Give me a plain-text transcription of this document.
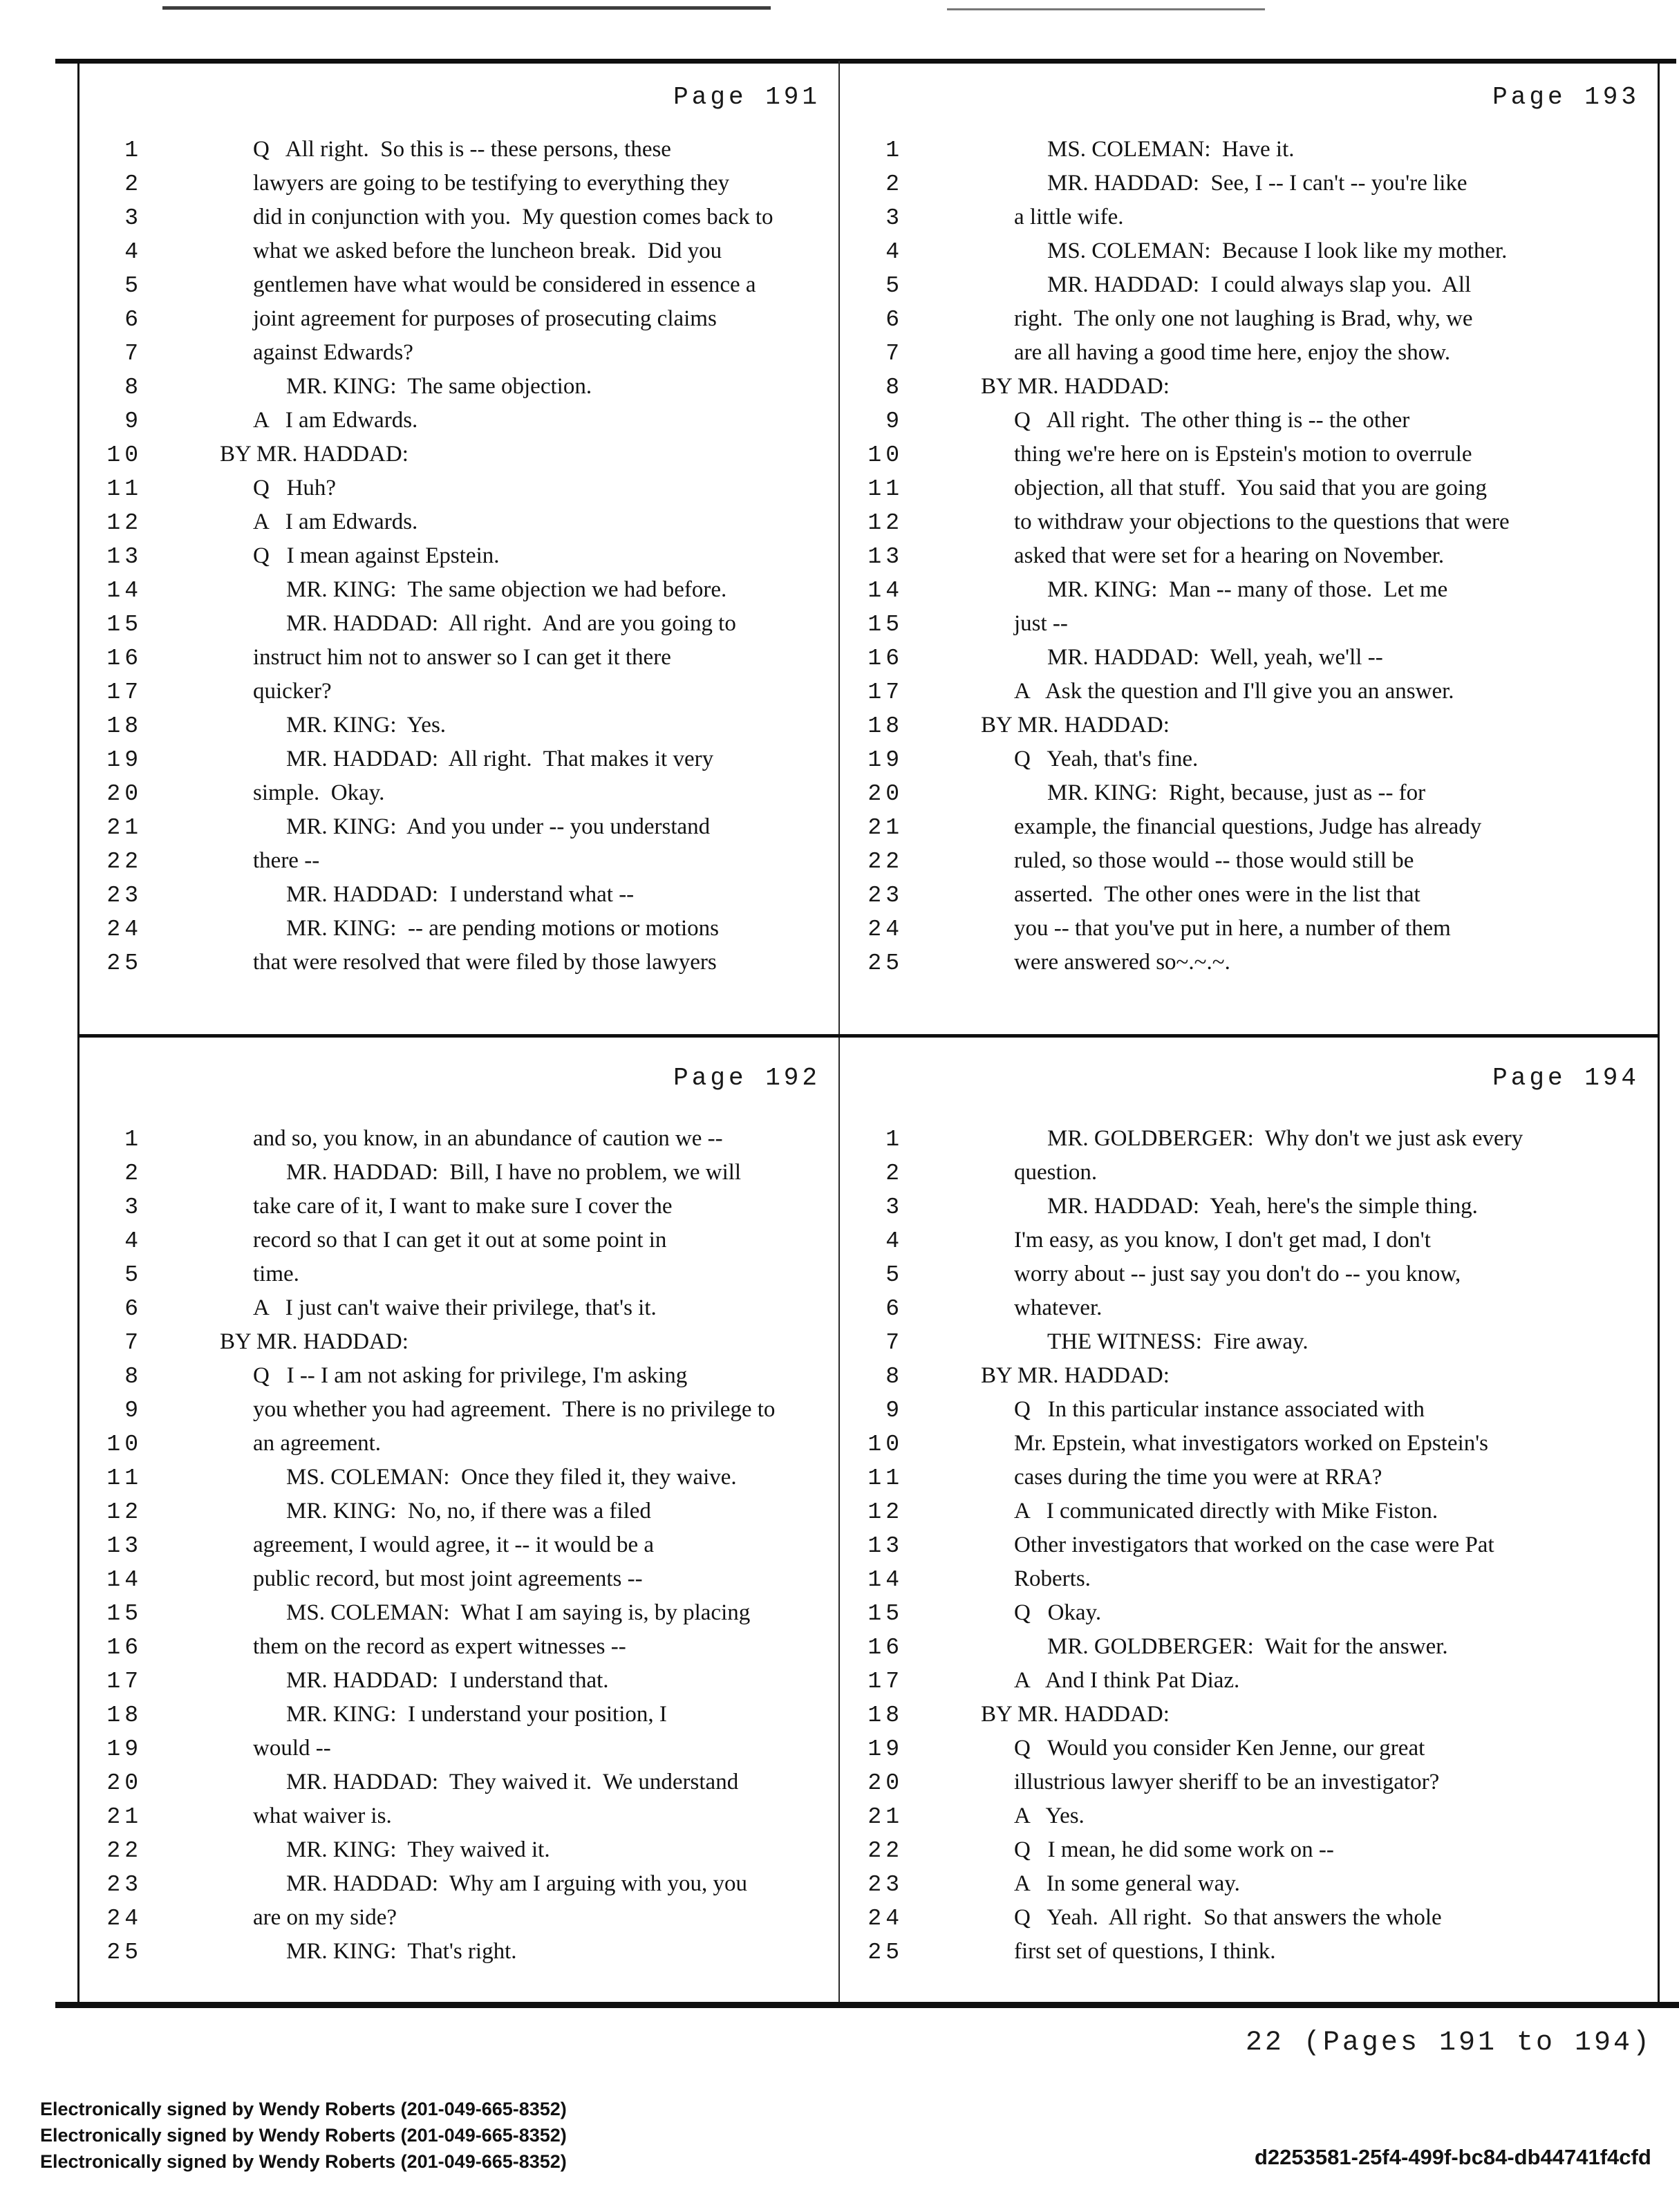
Page 191
1	Q   All right.  So this is -- these persons, these
2	lawyers are going to be testifying to everything they
3	did in conjunction with you.  My question comes back to
4	what we asked before the luncheon break.  Did you
5	gentlemen have what would be considered in essence a
6	joint agreement for purposes of prosecuting claims
7	against Edwards?
8	MR. KING:  The same objection.
9	A   I am Edwards.
10	BY MR. HADDAD:
11	Q   Huh?
12	A   I am Edwards.
13	Q   I mean against Epstein.
14	MR. KING:  The same objection we had before.
15	MR. HADDAD:  All right.  And are you going to
16	instruct him not to answer so I can get it there
17	quicker?
18	MR. KING:  Yes.
19	MR. HADDAD:  All right.  That makes it very
20	simple.  Okay.
21	MR. KING:  And you under -- you understand
22	there --
23	MR. HADDAD:  I understand what --
24	MR. KING:  -- are pending motions or motions
25	that were resolved that were filed by those lawyers
Page 193
1	MS. COLEMAN:  Have it.
2	MR. HADDAD:  See, I -- I can't -- you're like
3	a little wife.
4	MS. COLEMAN:  Because I look like my mother.
5	MR. HADDAD:  I could always slap you.  All
6	right.  The only one not laughing is Brad, why, we
7	are all having a good time here, enjoy the show.
8	BY MR. HADDAD:
9	Q   All right.  The other thing is -- the other
10	thing we're here on is Epstein's motion to overrule
11	objection, all that stuff.  You said that you are going
12	to withdraw your objections to the questions that were
13	asked that were set for a hearing on November.
14	MR. KING:  Man -- many of those.  Let me
15	just --
16	MR. HADDAD:  Well, yeah, we'll --
17	A   Ask the question and I'll give you an answer.
18	BY MR. HADDAD:
19	Q   Yeah, that's fine.
20	MR. KING:  Right, because, just as -- for
21	example, the financial questions, Judge has already
22	ruled, so those would -- those would still be
23	asserted.  The other ones were in the list that
24	you -- that you've put in here, a number of them
25	were answered so~.~.~.
Page 192
1	and so, you know, in an abundance of caution we --
2	MR. HADDAD:  Bill, I have no problem, we will
3	take care of it, I want to make sure I cover the
4	record so that I can get it out at some point in
5	time.
6	A   I just can't waive their privilege, that's it.
7	BY MR. HADDAD:
8	Q   I -- I am not asking for privilege, I'm asking
9	you whether you had agreement.  There is no privilege to
10	an agreement.
11	MS. COLEMAN:  Once they filed it, they waive.
12	MR. KING:  No, no, if there was a filed
13	agreement, I would agree, it -- it would be a
14	public record, but most joint agreements --
15	MS. COLEMAN:  What I am saying is, by placing
16	them on the record as expert witnesses --
17	MR. HADDAD:  I understand that.
18	MR. KING:  I understand your position, I
19	would --
20	MR. HADDAD:  They waived it.  We understand
21	what waiver is.
22	MR. KING:  They waived it.
23	MR. HADDAD:  Why am I arguing with you, you
24	are on my side?
25	MR. KING:  That's right.
Page 194
1	MR. GOLDBERGER:  Why don't we just ask every
2	question.
3	MR. HADDAD:  Yeah, here's the simple thing.
4	I'm easy, as you know, I don't get mad, I don't
5	worry about -- just say you don't do -- you know,
6	whatever.
7	THE WITNESS:  Fire away.
8	BY MR. HADDAD:
9	Q   In this particular instance associated with
10	Mr. Epstein, what investigators worked on Epstein's
11	cases during the time you were at RRA?
12	A   I communicated directly with Mike Fiston.
13	Other investigators that worked on the case were Pat
14	Roberts.
15	Q   Okay.
16	MR. GOLDBERGER:  Wait for the answer.
17	A   And I think Pat Diaz.
18	BY MR. HADDAD:
19	Q   Would you consider Ken Jenne, our great
20	illustrious lawyer sheriff to be an investigator?
21	A   Yes.
22	Q   I mean, he did some work on --
23	A   In some general way.
24	Q   Yeah.  All right.  So that answers the whole
25	first set of questions, I think.
22 (Pages 191 to 194)
Electronically signed by Wendy Roberts (201-049-665-8352)
Electronically signed by Wendy Roberts (201-049-665-8352)
Electronically signed by Wendy Roberts (201-049-665-8352)	d2253581-25f4-499f-bc84-db44741f4cfd
